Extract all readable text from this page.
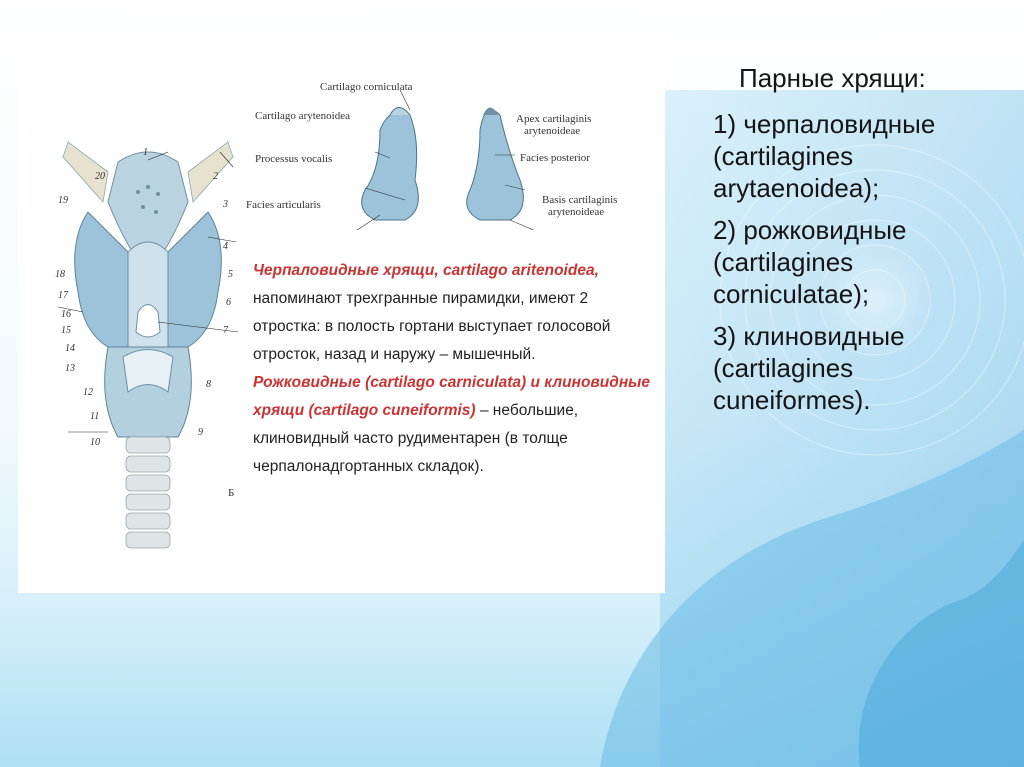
1
2
3
4
5
6
7
8
9
10
11
12
13
14
15
16
17
18
19
20
Cartilago corniculata
Cartilago arytenoidea
Processus vocalis
Facies articularis
Apex cartilaginis
arytenoideae
Facies posterior
Basis cartilaginis
arytenoideae
Б
Черпаловидные хрящи, cartilago aritenoidea, напоминают трехгранные пирамидки, имеют 2 отростка: в полость гортани выступает голосовой отросток, назад и наружу – мышечный.
Рожковидные (cartilago carniculata) и клиновидные хрящи (cartilago cuneiformis) – небольшие, клиновидный часто рудиментарен (в толще черпалонадгортанных складок).
Парные хрящи:
1) черпаловидные
(cartilagines
arytaenoidea);
2) рожковидные
(cartilagines
corniculatae);
3) клиновидные
(cartilagines
cuneiformes).
